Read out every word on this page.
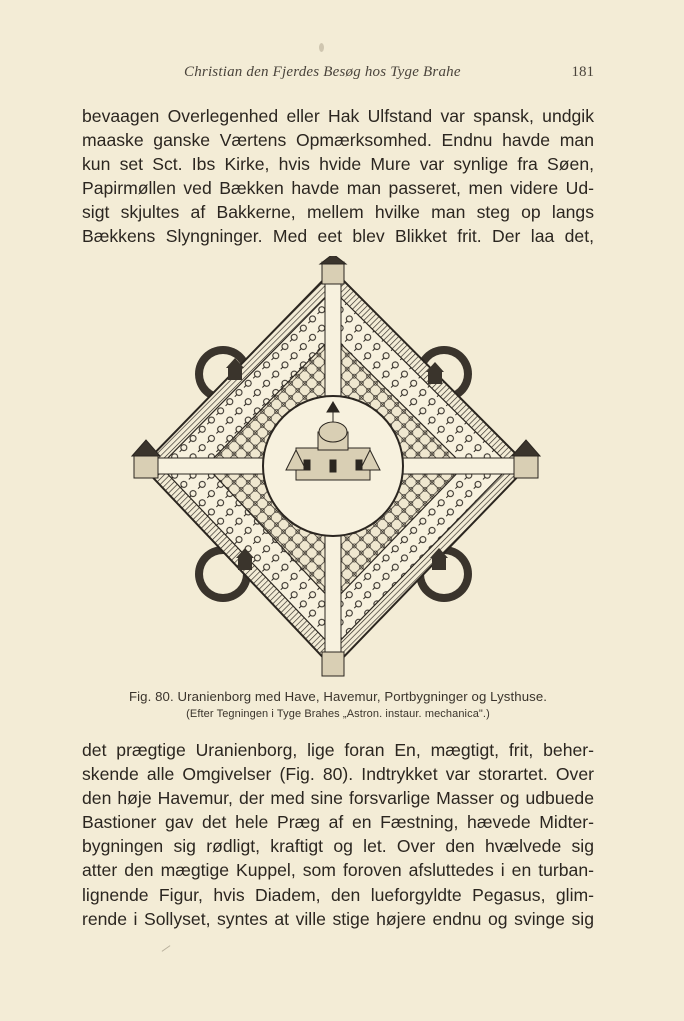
Christian den Fjerdes Besøg hos Tyge Brahe	181
bevaagen Overlegenhed eller Hak Ulfstand var spansk, undgik
maaske ganske Værtens Opmærksomhed. Endnu havde man
kun set Sct. Ibs Kirke, hvis hvide Mure var synlige fra Søen,
Papirmøllen ved Bækken havde man passeret, men videre Ud-
sigt skjultes af Bakkerne, mellem hvilke man steg op langs
Bækkens Slyngninger. Med eet blev Blikket frit. Der laa det,
Fig. 80. Uranienborg med Have, Havemur, Portbygninger og Lysthuse.
(Efter Tegningen i Tyge Brahes „Astron. instaur. mechanica".)
det prægtige Uranienborg, lige foran En, mægtigt, frit, beher-
skende alle Omgivelser (Fig. 80). Indtrykket var storartet. Over
den høje Havemur, der med sine forsvarlige Masser og udbuede
Bastioner gav det hele Præg af en Fæstning, hævede Midter-
bygningen sig rødligt, kraftigt og let. Over den hvælvede sig
atter den mægtige Kuppel, som foroven afsluttedes i en turban-
lignende Figur, hvis Diadem, den lueforgyldte Pegasus, glim-
rende i Sollyset, syntes at ville stige højere endnu og svinge sig
